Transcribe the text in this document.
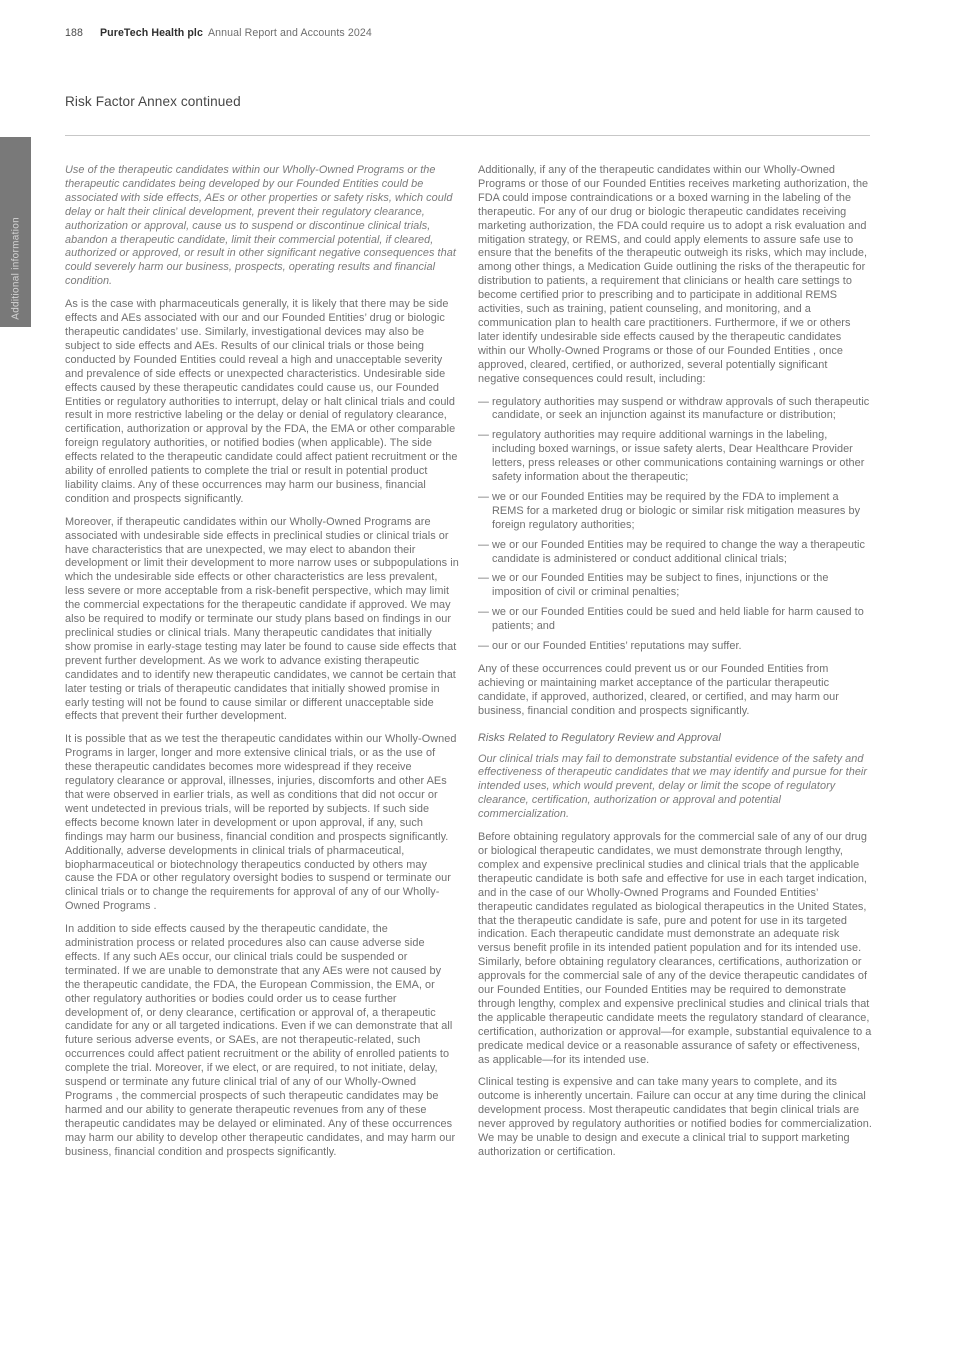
188 PureTech Health plc Annual Report and Accounts 2024
Risk Factor Annex continued
Additional information

Use of the therapeutic candidates within our Wholly-Owned Programs or the therapeutic candidates being developed by our Founded Entities could be associated with side effects, AEs or other properties or safety risks, which could delay or halt their clinical development, prevent their regulatory clearance, authorization or approval, cause us to suspend or discontinue clinical trials, abandon a therapeutic candidate, limit their commercial potential, if cleared, authorized or approved, or result in other significant negative consequences that could severely harm our business, prospects, operating results and financial condition.

As is the case with pharmaceuticals generally, it is likely that there may be side effects and AEs associated with our and our Founded Entities’ drug or biologic therapeutic candidates’ use. Similarly, investigational devices may also be subject to side effects and AEs. Results of our clinical trials or those being conducted by Founded Entities could reveal a high and unacceptable severity and prevalence of side effects or unexpected characteristics. Undesirable side effects caused by these therapeutic candidates could cause us, our Founded Entities or regulatory authorities to interrupt, delay or halt clinical trials and could result in more restrictive labeling or the delay or denial of regulatory clearance, certification, authorization or approval by the FDA, the EMA or other comparable foreign regulatory authorities, or notified bodies (when applicable). The side effects related to the therapeutic candidate could affect patient recruitment or the ability of enrolled patients to complete the trial or result in potential product liability claims. Any of these occurrences may harm our business, financial condition and prospects significantly.

Moreover, if therapeutic candidates within our Wholly-Owned Programs are associated with undesirable side effects in preclinical studies or clinical trials or have characteristics that are unexpected, we may elect to abandon their development or limit their development to more narrow uses or subpopulations in which the undesirable side effects or other characteristics are less prevalent, less severe or more acceptable from a risk-benefit perspective, which may limit the commercial expectations for the therapeutic candidate if approved. We may also be required to modify or terminate our study plans based on findings in our preclinical studies or clinical trials. Many therapeutic candidates that initially show promise in early-stage testing may later be found to cause side effects that prevent further development. As we work to advance existing therapeutic candidates and to identify new therapeutic candidates, we cannot be certain that later testing or trials of therapeutic candidates that initially showed promise in early testing will not be found to cause similar or different unacceptable side effects that prevent their further development.

It is possible that as we test the therapeutic candidates within our Wholly-Owned Programs in larger, longer and more extensive clinical trials, or as the use of these therapeutic candidates becomes more widespread if they receive regulatory clearance or approval, illnesses, injuries, discomforts and other AEs that were observed in earlier trials, as well as conditions that did not occur or went undetected in previous trials, will be reported by subjects. If such side effects become known later in development or upon approval, if any, such findings may harm our business, financial condition and prospects significantly. Additionally, adverse developments in clinical trials of pharmaceutical, biopharmaceutical or biotechnology therapeutics conducted by others may cause the FDA or other regulatory oversight bodies to suspend or terminate our clinical trials or to change the requirements for approval of any of our Wholly-Owned Programs .

In addition to side effects caused by the therapeutic candidate, the administration process or related procedures also can cause adverse side effects. If any such AEs occur, our clinical trials could be suspended or terminated. If we are unable to demonstrate that any AEs were not caused by the therapeutic candidate, the FDA, the European Commission, the EMA, or other regulatory authorities or bodies could order us to cease further development of, or deny clearance, certification or approval of, a therapeutic candidate for any or all targeted indications. Even if we can demonstrate that all future serious adverse events, or SAEs, are not therapeutic-related, such occurrences could affect patient recruitment or the ability of enrolled patients to complete the trial. Moreover, if we elect, or are required, to not initiate, delay, suspend or terminate any future clinical trial of any of our Wholly-Owned Programs , the commercial prospects of such therapeutic candidates may be harmed and our ability to generate therapeutic revenues from any of these therapeutic candidates may be delayed or eliminated. Any of these occurrences may harm our ability to develop other therapeutic candidates, and may harm our business, financial condition and prospects significantly.

Additionally, if any of the therapeutic candidates within our Wholly-Owned Programs or those of our Founded Entities receives marketing authorization, the FDA could impose contraindications or a boxed warning in the labeling of the therapeutic. For any of our drug or biologic therapeutic candidates receiving marketing authorization, the FDA could require us to adopt a risk evaluation and mitigation strategy, or REMS, and could apply elements to assure safe use to ensure that the benefits of the therapeutic outweigh its risks, which may include, among other things, a Medication Guide outlining the risks of the therapeutic for distribution to patients, a requirement that clinicians or health care settings to become certified prior to prescribing and to participate in additional REMS activities, such as training, patient counseling, and monitoring, and a communication plan to health care practitioners. Furthermore, if we or others later identify undesirable side effects caused by the therapeutic candidates within our Wholly-Owned Programs or those of our Founded Entities , once approved, cleared, certified, or authorized, several potentially significant negative consequences could result, including:

— regulatory authorities may suspend or withdraw approvals of such therapeutic candidate, or seek an injunction against its manufacture or distribution;
— regulatory authorities may require additional warnings in the labeling, including boxed warnings, or issue safety alerts, Dear Healthcare Provider letters, press releases or other communications containing warnings or other safety information about the therapeutic;
— we or our Founded Entities may be required by the FDA to implement a REMS for a marketed drug or biologic or similar risk mitigation measures by foreign regulatory authorities;
— we or our Founded Entities may be required to change the way a therapeutic candidate is administered or conduct additional clinical trials;
— we or our Founded Entities may be subject to fines, injunctions or the imposition of civil or criminal penalties;
— we or our Founded Entities could be sued and held liable for harm caused to patients; and
— our or our Founded Entities’ reputations may suffer.

Any of these occurrences could prevent us or our Founded Entities from achieving or maintaining market acceptance of the particular therapeutic candidate, if approved, authorized, cleared, or certified, and may harm our business, financial condition and prospects significantly.

Risks Related to Regulatory Review and Approval

Our clinical trials may fail to demonstrate substantial evidence of the safety and effectiveness of therapeutic candidates that we may identify and pursue for their intended uses, which would prevent, delay or limit the scope of regulatory clearance, certification, authorization or approval and potential commercialization.

Before obtaining regulatory approvals for the commercial sale of any of our drug or biological therapeutic candidates, we must demonstrate through lengthy, complex and expensive preclinical studies and clinical trials that the applicable therapeutic candidate is both safe and effective for use in each target indication, and in the case of our Wholly-Owned Programs and Founded Entities’ therapeutic candidates regulated as biological therapeutics in the United States, that the therapeutic candidate is safe, pure and potent for use in its targeted indication. Each therapeutic candidate must demonstrate an adequate risk versus benefit profile in its intended patient population and for its intended use. Similarly, before obtaining regulatory clearances, certifications, authorization or approvals for the commercial sale of any of the device therapeutic candidates of our Founded Entities, our Founded Entities may be required to demonstrate through lengthy, complex and expensive preclinical studies and clinical trials that the applicable therapeutic candidate meets the regulatory standard of clearance, certification, authorization or approval—for example, substantial equivalence to a predicate medical device or a reasonable assurance of safety or effectiveness, as applicable—for its intended use.

Clinical testing is expensive and can take many years to complete, and its outcome is inherently uncertain. Failure can occur at any time during the clinical development process. Most therapeutic candidates that begin clinical trials are never approved by regulatory authorities or notified bodies for commercialization. We may be unable to design and execute a clinical trial to support marketing authorization or certification.
